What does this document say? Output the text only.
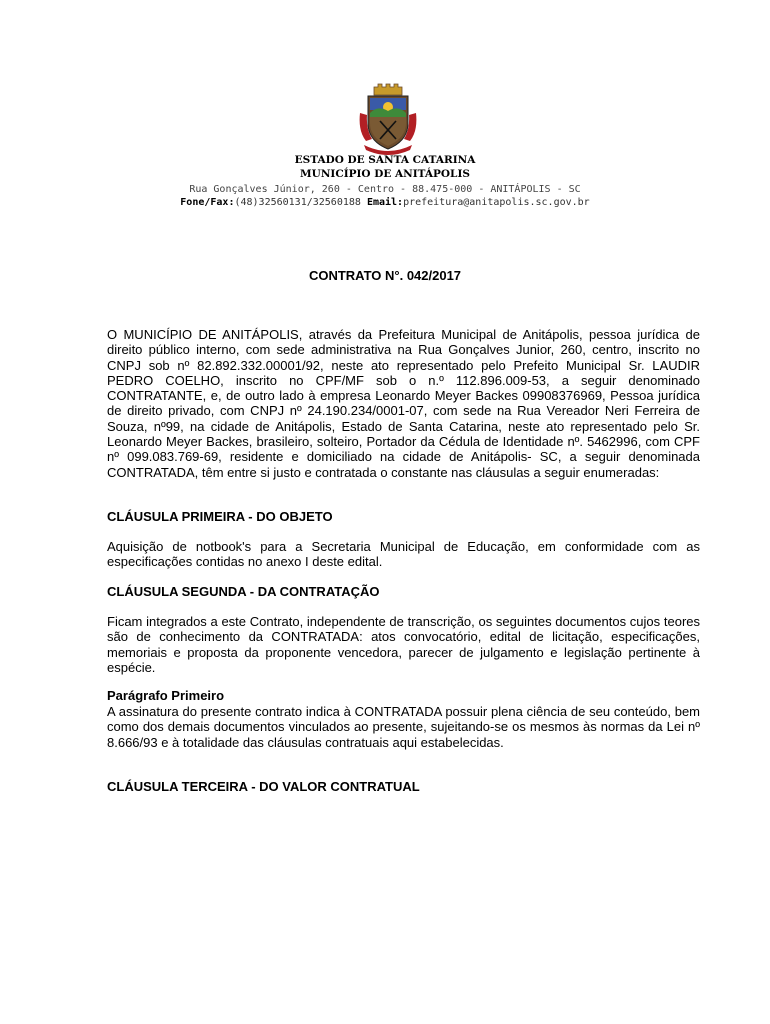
ESTADO DE SANTA CATARINA
MUNICÍPIO DE ANITÁPOLIS
Rua Gonçalves Júnior, 260 - Centro - 88.475-000 - ANITÁPOLIS - SC
Fone/Fax:(48)32560131/32560188 Email:prefeitura@anitapolis.sc.gov.br
CONTRATO N°. 042/2017
O MUNICÍPIO DE ANITÁPOLIS, através da Prefeitura Municipal de Anitápolis, pessoa jurídica de direito público interno, com sede administrativa na Rua Gonçalves Junior, 260, centro, inscrito no CNPJ sob nº 82.892.332.00001/92, neste ato representado pelo Prefeito Municipal Sr. LAUDIR PEDRO COELHO, inscrito no CPF/MF sob o n.º 112.896.009-53, a seguir denominado CONTRATANTE, e, de outro lado à empresa Leonardo Meyer Backes 09908376969, Pessoa jurídica de direito privado, com CNPJ nº 24.190.234/0001-07, com sede na Rua Vereador Neri Ferreira de Souza, nº99, na cidade de Anitápolis, Estado de Santa Catarina, neste ato representado pelo Sr. Leonardo Meyer Backes, brasileiro, solteiro, Portador da Cédula de Identidade nº. 5462996, com CPF nº 099.083.769-69, residente e domiciliado na cidade de Anitápolis- SC, a seguir denominada CONTRATADA, têm entre si justo e contratada o constante nas cláusulas a seguir enumeradas:
CLÁUSULA PRIMEIRA - DO OBJETO
Aquisição de notbook's para a Secretaria Municipal de Educação, em conformidade com as especificações contidas no anexo I deste edital.
CLÁUSULA SEGUNDA - DA CONTRATAÇÃO
Ficam integrados a este Contrato, independente de transcrição, os seguintes documentos cujos teores são de conhecimento da CONTRATADA: atos convocatório, edital de licitação, especificações, memoriais e proposta da proponente vencedora, parecer de julgamento e legislação pertinente à espécie.
Parágrafo Primeiro
A assinatura do presente contrato indica à CONTRATADA possuir plena ciência de seu conteúdo, bem como dos demais documentos vinculados ao presente, sujeitando-se os mesmos às normas da Lei nº 8.666/93 e à totalidade das cláusulas contratuais aqui estabelecidas.
CLÁUSULA TERCEIRA - DO VALOR CONTRATUAL
